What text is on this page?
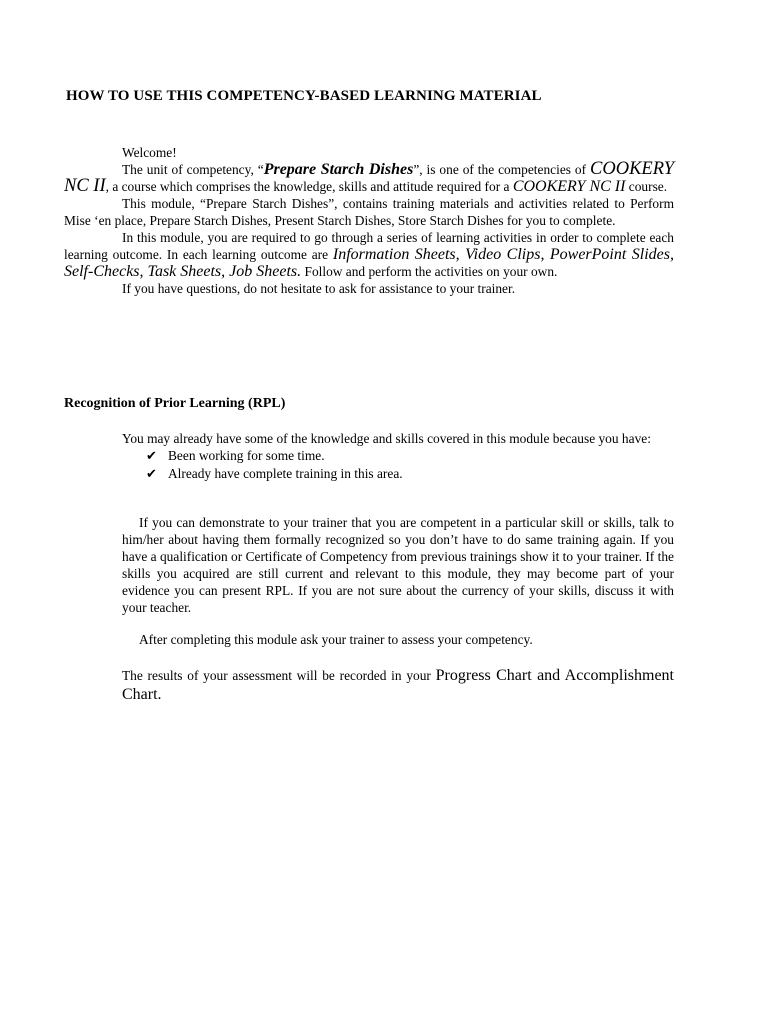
HOW TO USE THIS COMPETENCY-BASED LEARNING MATERIAL

Welcome!

The unit of competency, “Prepare Starch Dishes”, is one of the competencies of COOKERY NC II, a course which comprises the knowledge, skills and attitude required for a COOKERY NC II course.

This module, “Prepare Starch Dishes”, contains training materials and activities related to Perform Mise ‘en place, Prepare Starch Dishes, Present Starch Dishes, Store Starch Dishes for you to complete.

In this module, you are required to go through a series of learning activities in order to complete each learning outcome. In each learning outcome are Information Sheets, Video Clips, PowerPoint Slides, Self-Checks, Task Sheets, Job Sheets. Follow and perform the activities on your own.

If you have questions, do not hesitate to ask for assistance to your trainer.

Recognition of Prior Learning (RPL)

You may already have some of the knowledge and skills covered in this module because you have:

✔ Been working for some time.
✔ Already have complete training in this area.

If you can demonstrate to your trainer that you are competent in a particular skill or skills, talk to him/her about having them formally recognized so you don’t have to do same training again. If you have a qualification or Certificate of Competency from previous trainings show it to your trainer. If the skills you acquired are still current and relevant to this module, they may become part of your evidence you can present RPL. If you are not sure about the currency of your skills, discuss it with your teacher.

After completing this module ask your trainer to assess your competency.

The results of your assessment will be recorded in your Progress Chart and Accomplishment Chart.
